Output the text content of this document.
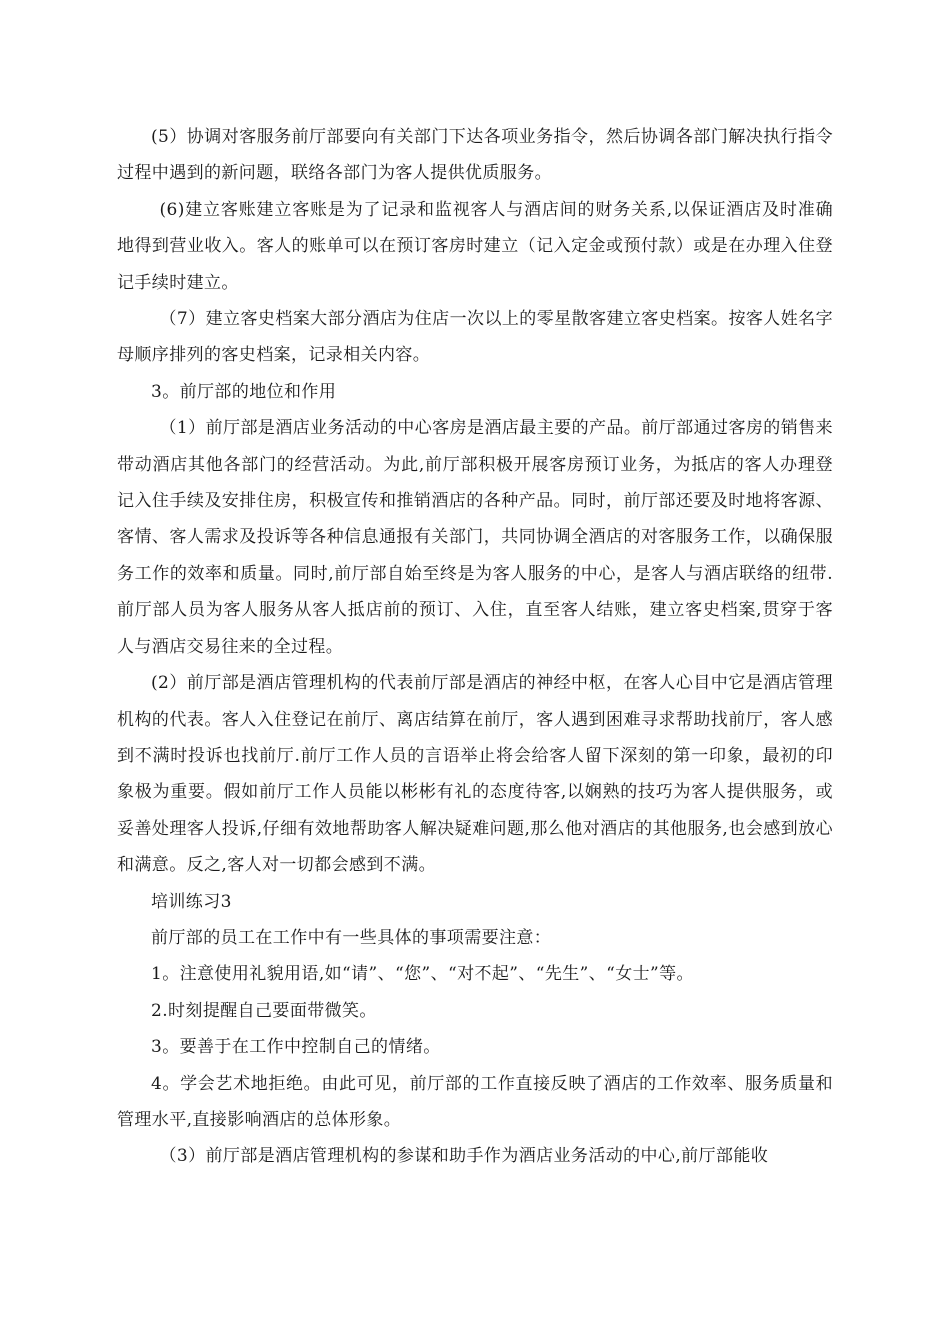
(5）协调对客服务前厅部要向有关部门下达各项业务指令，然后协调各部门解决执行指令过程中遇到的新问题，联络各部门为客人提供优质服务。

(6)建立客账建立客账是为了记录和监视客人与酒店间的财务关系,以保证酒店及时准确地得到营业收入。客人的账单可以在预订客房时建立（记入定金或预付款）或是在办理入住登记手续时建立。

（7）建立客史档案大部分酒店为住店一次以上的零星散客建立客史档案。按客人姓名字母顺序排列的客史档案，记录相关内容。

3。前厅部的地位和作用

（1）前厅部是酒店业务活动的中心客房是酒店最主要的产品。前厅部通过客房的销售来带动酒店其他各部门的经营活动。为此,前厅部积极开展客房预订业务，为抵店的客人办理登记入住手续及安排住房，积极宣传和推销酒店的各种产品。同时，前厅部还要及时地将客源、客情、客人需求及投诉等各种信息通报有关部门，共同协调全酒店的对客服务工作，以确保服务工作的效率和质量。同时,前厅部自始至终是为客人服务的中心，是客人与酒店联络的纽带.前厅部人员为客人服务从客人抵店前的预订、入住，直至客人结账，建立客史档案,贯穿于客人与酒店交易往来的全过程。

(2）前厅部是酒店管理机构的代表前厅部是酒店的神经中枢，在客人心目中它是酒店管理机构的代表。客人入住登记在前厅、离店结算在前厅，客人遇到困难寻求帮助找前厅，客人感到不满时投诉也找前厅.前厅工作人员的言语举止将会给客人留下深刻的第一印象，最初的印象极为重要。假如前厅工作人员能以彬彬有礼的态度待客,以娴熟的技巧为客人提供服务，或妥善处理客人投诉,仔细有效地帮助客人解决疑难问题,那么他对酒店的其他服务,也会感到放心和满意。反之,客人对一切都会感到不满。

培训练习3

前厅部的员工在工作中有一些具体的事项需要注意：

1。注意使用礼貌用语,如“请”、“您”、“对不起”、“先生”、“女士”等。

2.时刻提醒自己要面带微笑。

3。要善于在工作中控制自己的情绪。

4。学会艺术地拒绝。由此可见，前厅部的工作直接反映了酒店的工作效率、服务质量和管理水平,直接影响酒店的总体形象。

（3）前厅部是酒店管理机构的参谋和助手作为酒店业务活动的中心,前厅部能收
